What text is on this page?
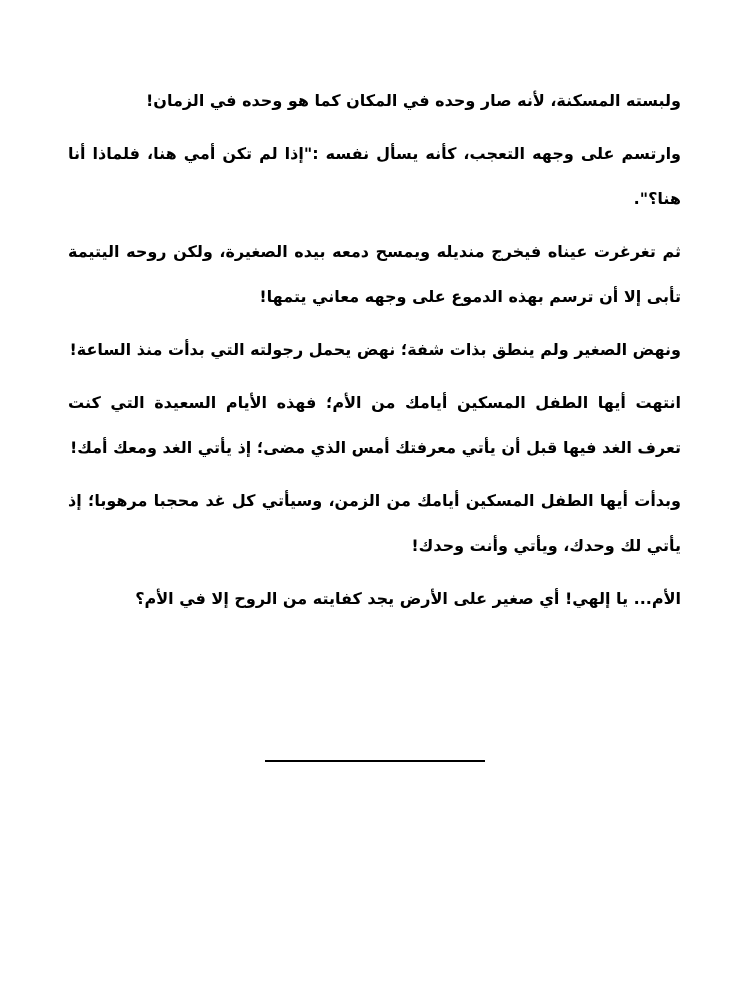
ولبسته المسكنة، لأنه صار وحده في المكان كما هو وحده في الزمان!

وارتسم على وجهه التعجب، كأنه يسأل نفسه :"إذا لم تكن أمي هنا، فلماذا أنا هنا؟".

ثم تغرغرت عيناه فيخرج منديله ويمسح دمعه بيده الصغيرة، ولكن روحه اليتيمة تأبى إلا أن ترسم بهذه الدموع على وجهه معاني يتمها!

ونهض الصغير ولم ينطق بذات شفة؛ نهض يحمل رجولته التي بدأت منذ الساعة!

انتهت أيها الطفل المسكين أيامك من الأم؛ فهذه الأيام السعيدة التي كنت تعرف الغد فيها قبل أن يأتي معرفتك أمس الذي مضى؛ إذ يأتي الغد ومعك أمك!

وبدأت أيها الطفل المسكين أيامك من الزمن، وسيأتي كل غد محجبا مرهوبا؛ إذ يأتي لك وحدك، ويأتي وأنت وحدك!

الأم... يا إلهي! أي صغير على الأرض يجد كفايته من الروح إلا في الأم؟
